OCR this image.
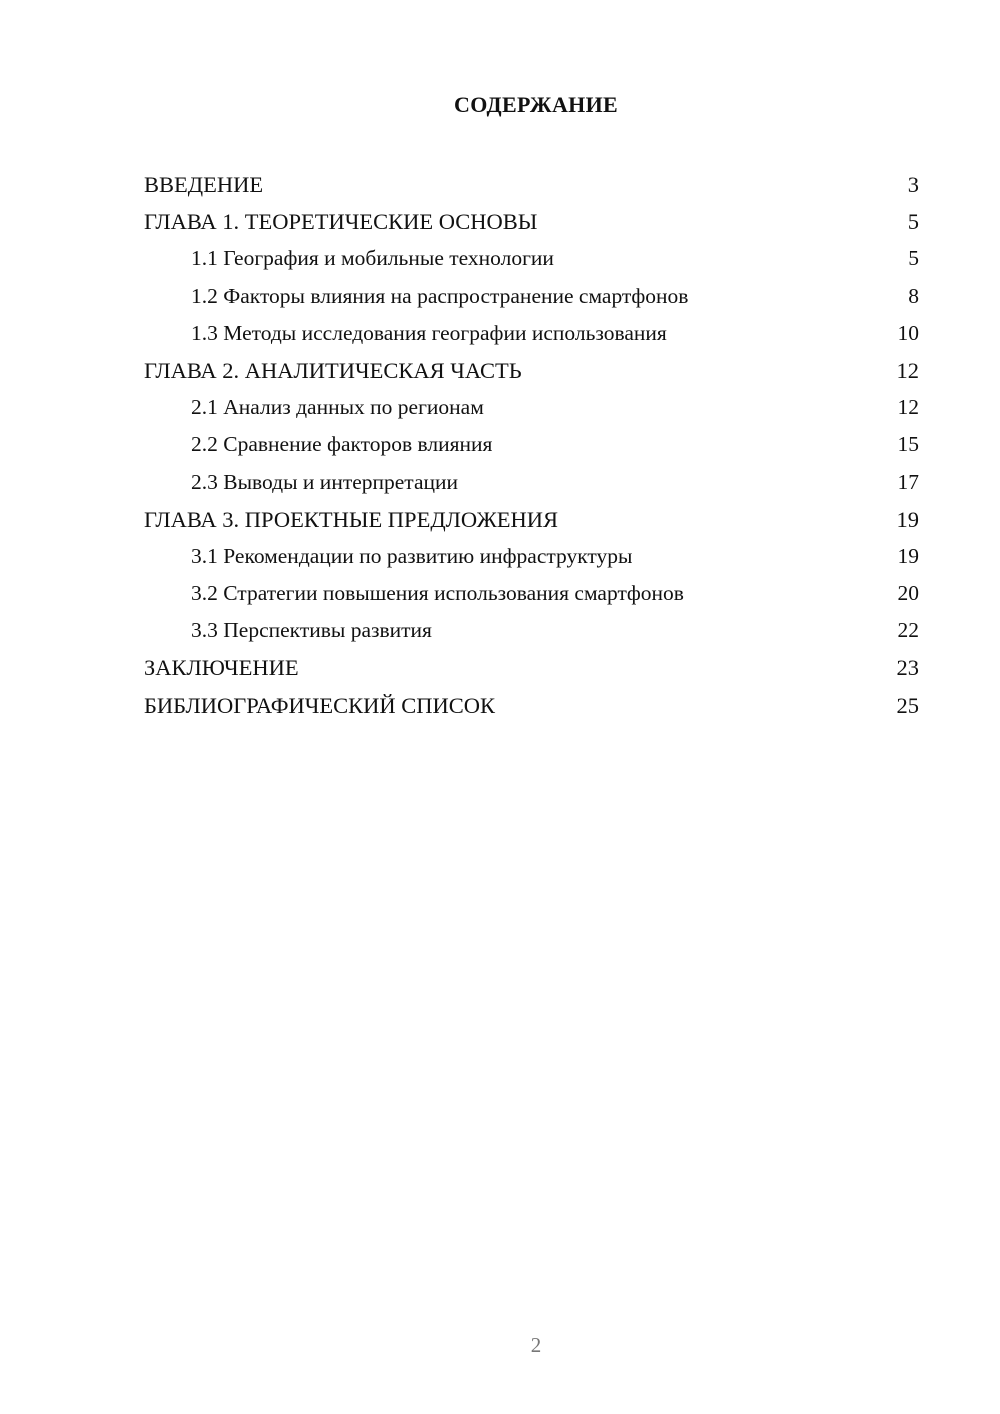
СОДЕРЖАНИЕ
ВВЕДЕНИЕ	3
ГЛАВА 1. ТЕОРЕТИЧЕСКИЕ ОСНОВЫ	5
1.1 География и мобильные технологии	5
1.2 Факторы влияния на распространение смартфонов	8
1.3 Методы исследования географии использования	10
ГЛАВА 2. АНАЛИТИЧЕСКАЯ ЧАСТЬ	12
2.1 Анализ данных по регионам	12
2.2 Сравнение факторов влияния	15
2.3 Выводы и интерпретации	17
ГЛАВА 3. ПРОЕКТНЫЕ ПРЕДЛОЖЕНИЯ	19
3.1 Рекомендации по развитию инфраструктуры	19
3.2 Стратегии повышения использования смартфонов	20
3.3 Перспективы развития	22
ЗАКЛЮЧЕНИЕ	23
БИБЛИОГРАФИЧЕСКИЙ СПИСОК	25
2
